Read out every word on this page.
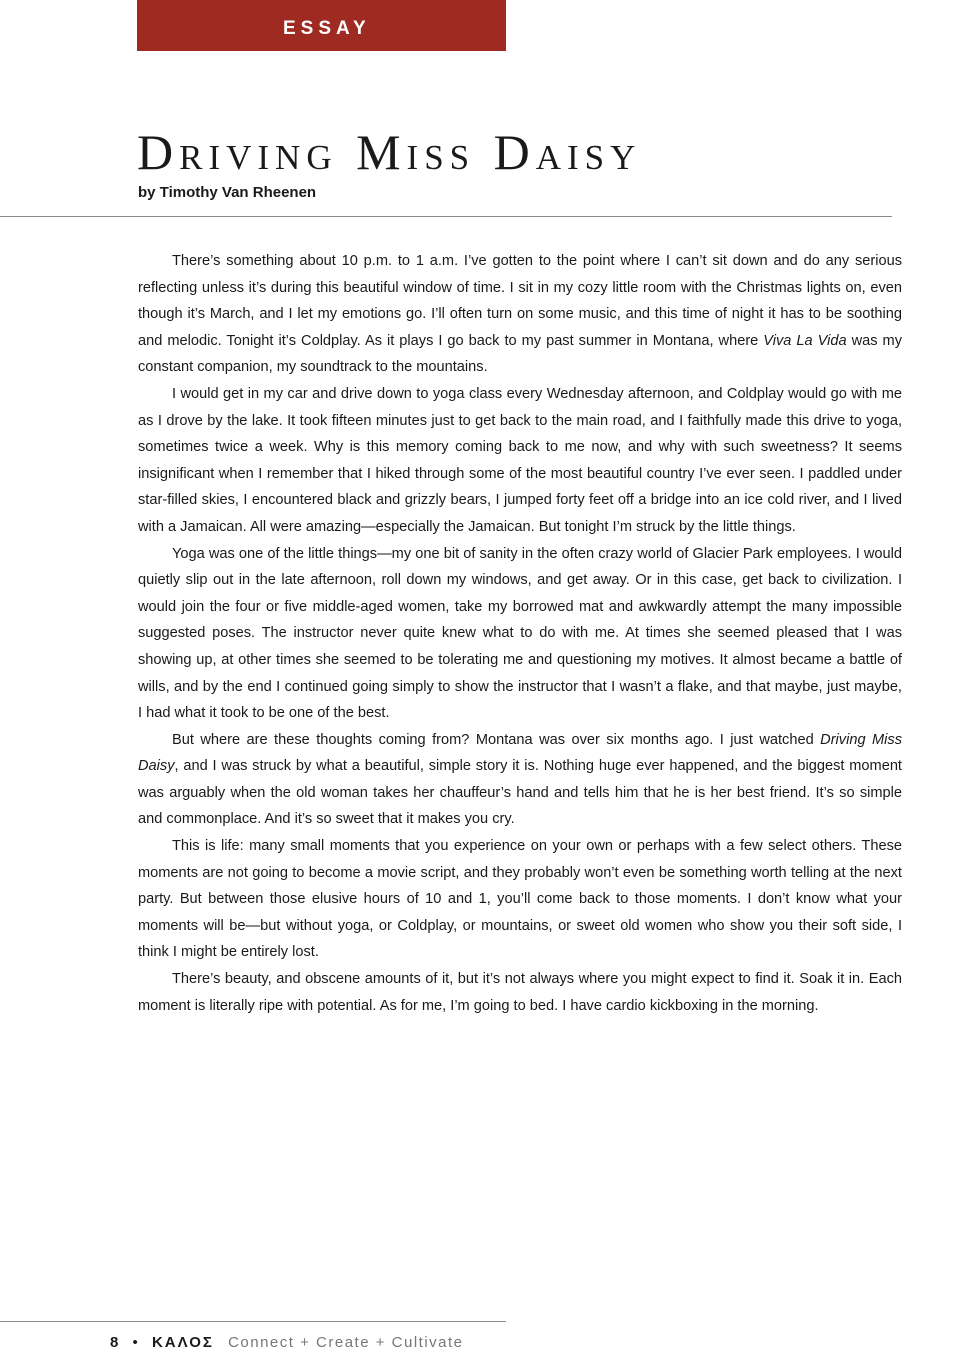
ESSAY
Driving Miss Daisy
by Timothy Van Rheenen

There’s something about 10 p.m. to 1 a.m. I’ve gotten to the point where I can’t sit down and do any serious reflecting unless it’s during this beautiful window of time. I sit in my cozy little room with the Christmas lights on, even though it’s March, and I let my emotions go. I’ll often turn on some music, and this time of night it has to be soothing and melodic. Tonight it’s Coldplay. As it plays I go back to my past summer in Montana, where Viva La Vida was my constant companion, my soundtrack to the mountains.

I would get in my car and drive down to yoga class every Wednesday afternoon, and Coldplay would go with me as I drove by the lake. It took fifteen minutes just to get back to the main road, and I faithfully made this drive to yoga, sometimes twice a week. Why is this memory coming back to me now, and why with such sweetness? It seems insignificant when I remember that I hiked through some of the most beautiful country I’ve ever seen. I paddled under star-filled skies, I encountered black and grizzly bears, I jumped forty feet off a bridge into an ice cold river, and I lived with a Jamaican. All were amazing—especially the Jamaican. But tonight I’m struck by the little things.

Yoga was one of the little things—my one bit of sanity in the often crazy world of Glacier Park employees. I would quietly slip out in the late afternoon, roll down my windows, and get away. Or in this case, get back to civilization. I would join the four or five middle-aged women, take my borrowed mat and awkwardly attempt the many impossible suggested poses. The instructor never quite knew what to do with me. At times she seemed pleased that I was showing up, at other times she seemed to be tolerating me and questioning my motives. It almost became a battle of wills, and by the end I continued going simply to show the instructor that I wasn’t a flake, and that maybe, just maybe, I had what it took to be one of the best.

But where are these thoughts coming from? Montana was over six months ago. I just watched Driving Miss Daisy, and I was struck by what a beautiful, simple story it is. Nothing huge ever happened, and the biggest moment was arguably when the old woman takes her chauffeur’s hand and tells him that he is her best friend. It’s so simple and commonplace. And it’s so sweet that it makes you cry.

This is life: many small moments that you experience on your own or perhaps with a few select others. These moments are not going to become a movie script, and they probably won’t even be something worth telling at the next party. But between those elusive hours of 10 and 1, you’ll come back to those moments. I don’t know what your moments will be—but without yoga, or Coldplay, or mountains, or sweet old women who show you their soft side, I think I might be entirely lost.

There’s beauty, and obscene amounts of it, but it’s not always where you might expect to find it. Soak it in. Each moment is literally ripe with potential. As for me, I’m going to bed. I have cardio kickboxing in the morning.

8 • ΚΑΛΟΣ Connect + Create + Cultivate
